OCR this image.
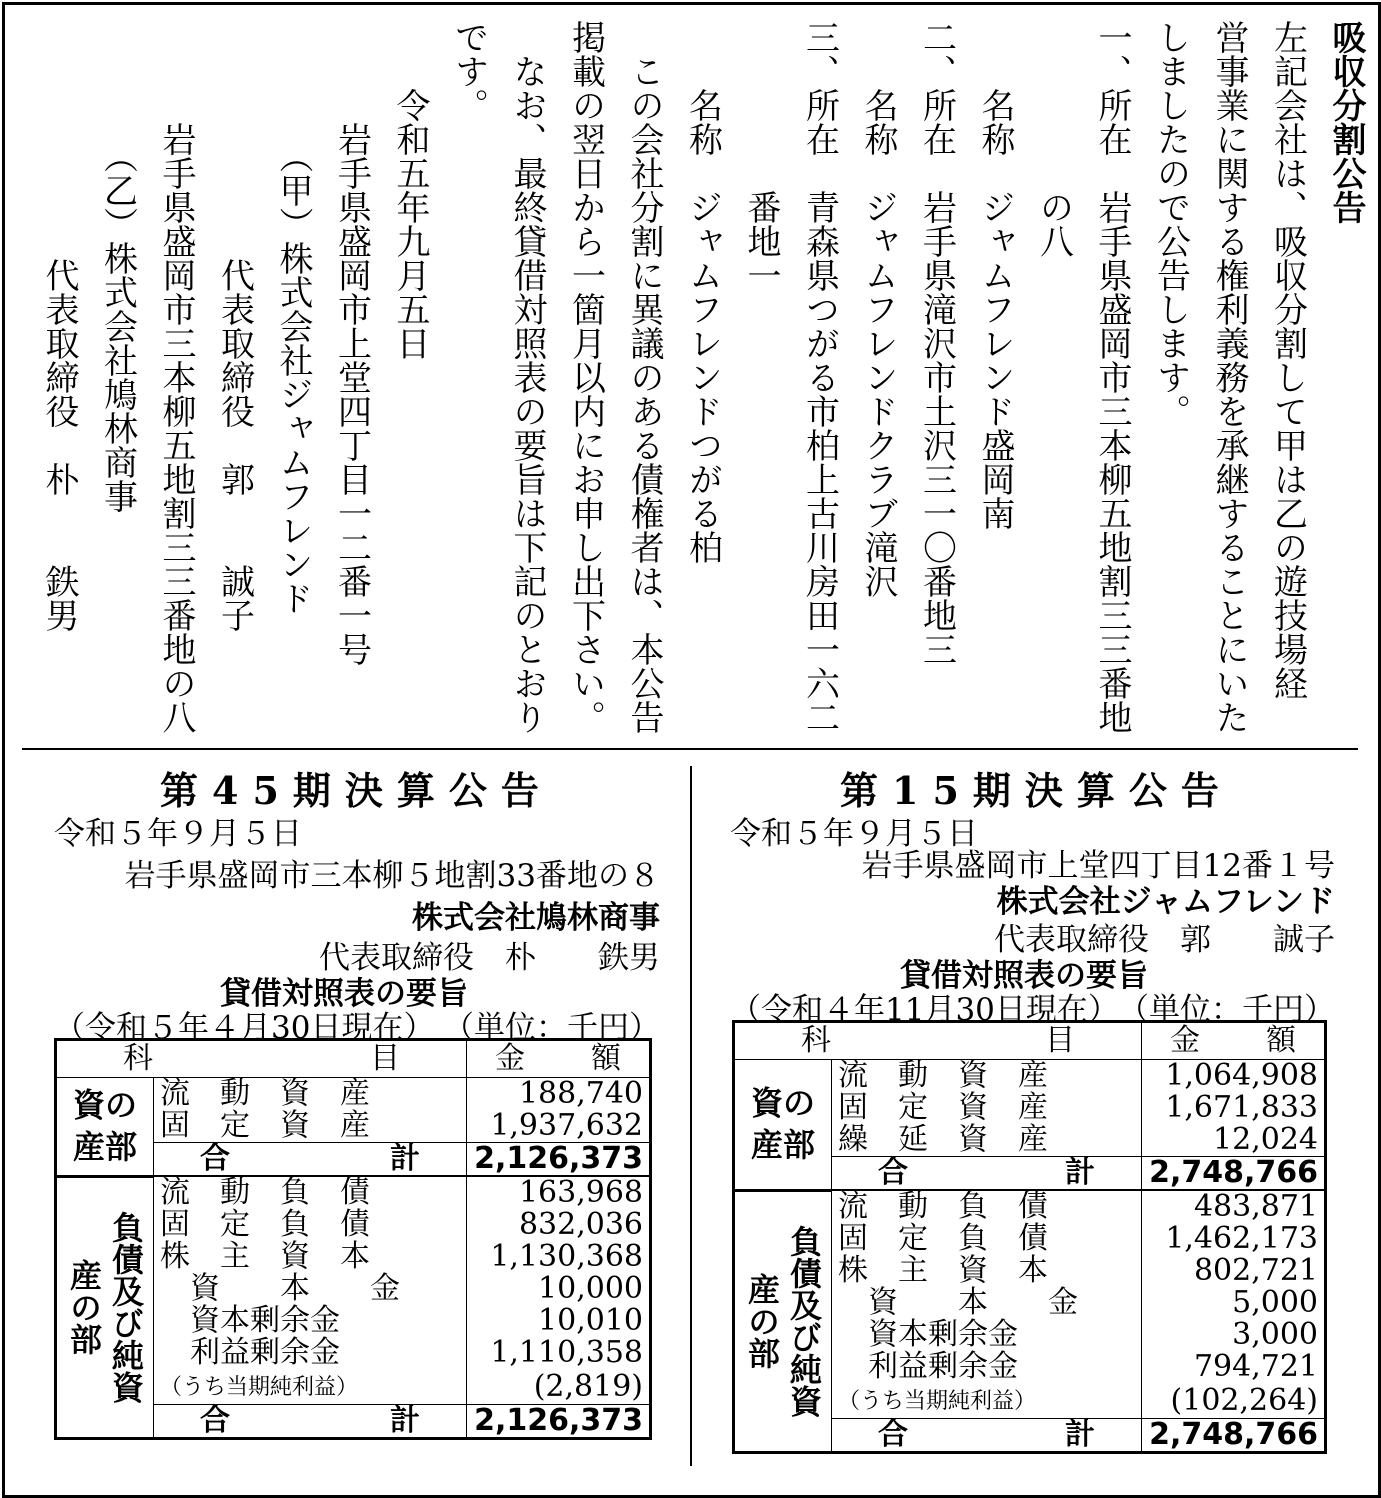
吸収分割公告
左記会社は、吸収分割して甲は乙の遊技場経
営事業に関する権利義務を承継することにいた
しましたので公告します。
一、所在　岩手県盛岡市三本柳五地割三三番地
　　　　　の八
　　名称　ジャムフレンド盛岡南
二、所在　岩手県滝沢市土沢三一〇番地三
　　名称　ジャムフレンドクラブ滝沢
三、所在　青森県つがる市柏上古川房田一六二
　　　　　番地一
　　名称　ジャムフレンドつがる柏
　この会社分割に異議のある債権者は、本公告
掲載の翌日から一箇月以内にお申し出下さい。
　なお、最終貸借対照表の要旨は下記のとおり
です。
　　令和五年九月五日
　　　岩手県盛岡市上堂四丁目一二番一号
　　　　（甲）株式会社ジャムフレンド
　　　　　　　代表取締役　郭　　誠子
　　　岩手県盛岡市三本柳五地割三三番地の八
　　　　（乙）株式会社鳩林商事
　　　　　　　代表取締役　朴　　鉄男
第45期決算公告
令和５年９月５日
岩手県盛岡市三本柳５地割33番地の８
株式会社鳩林商事
代表取締役　朴　　鉄男
貸借対照表の要旨
（令和５年４月30日現在） （単位：千円）
科 目		金 額

資の
産部	流　動　資　産	188,740
	固　定　資　産	1,937,632

	合 計	2,126,373

負債及び純資産の部	流　動　負　債	163,968
	固　定　負　債	832,036
	株　主　資　本	1,130,368
	　資　　本　　金	10,000
	　資本剰余金	10,010
	　利益剰余金	1,110,358
	（うち当期純利益）	(2,819)

	合 計	2,126,373
第15期決算公告
令和５年９月５日
岩手県盛岡市上堂四丁目12番１号
株式会社ジャムフレンド
代表取締役　郭　　誠子
貸借対照表の要旨
（令和４年11月30日現在） （単位：千円）
科 目		金 額

資の
産部	流　動　資　産	1,064,908
	固　定　資　産	1,671,833
	繰　延　資　産	12,024

	合 計	2,748,766

負債及び純資産の部	流　動　負　債	483,871
	固　定　負　債	1,462,173
	株　主　資　本	802,721
	　資　　本　　金	5,000
	　資本剰余金	3,000
	　利益剰余金	794,721
	（うち当期純利益）	(102,264)

	合 計	2,748,766
